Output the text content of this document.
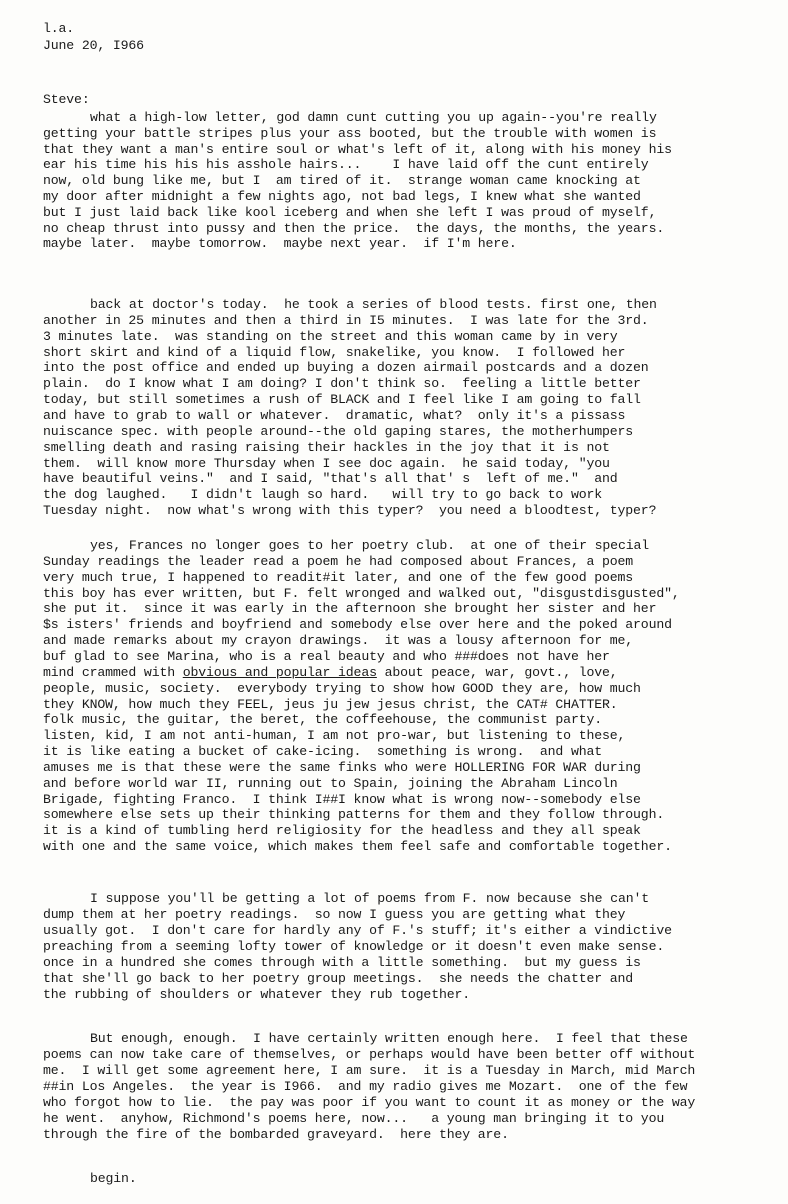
l.a.
June 20, I966
Steve:
what a high-low letter, god damn cunt cutting you up again--you're really
getting your battle stripes plus your ass booted, but the trouble with women is
that they want a man's entire soul or what's left of it, along with his money his
ear his time his his his asshole hairs...    I have laid off the cunt entirely
now, old bung like me, but I  am tired of it.  strange woman came knocking at
my door after midnight a few nights ago, not bad legs, I knew what she wanted
but I just laid back like kool iceberg and when she left I was proud of myself,
no cheap thrust into pussy and then the price.  the days, the months, the years.
maybe later.  maybe tomorrow.  maybe next year.  if I'm here.
back at doctor's today.  he took a series of blood tests. first one, then
another in 25 minutes and then a third in I5 minutes.  I was late for the 3rd.
3 minutes late.  was standing on the street and this woman came by in very
short skirt and kind of a liquid flow, snakelike, you know.  I followed her
into the post office and ended up buying a dozen airmail postcards and a dozen
plain.  do I know what I am doing? I don't think so.  feeling a little better
today, but still sometimes a rush of BLACK and I feel like I am going to fall
and have to grab to wall or whatever.  dramatic, what?  only it's a pissass
nuiscance spec. with people around--the old gaping stares, the motherhumpers
smelling death and rasing raising their hackles in the joy that it is not
them.  will know more Thursday when I see doc again.  he said today, "you
have beautiful veins."  and I said, "that's all that' s  left of me."  and
the dog laughed.   I didn't laugh so hard.   will try to go back to work
Tuesday night.  now what's wrong with this typer?  you need a bloodtest, typer?
yes, Frances no longer goes to her poetry club.  at one of their special
Sunday readings the leader read a poem he had composed about Frances, a poem
very much true, I happened to readit#it later, and one of the few good poems
this boy has ever written, but F. felt wronged and walked out, "disgustdisgusted",
she put it.  since it was early in the afternoon she brought her sister and her
$s isters' friends and boyfriend and somebody else over here and the poked around
and made remarks about my crayon drawings.  it was a lousy afternoon for me,
buf glad to see Marina, who is a real beauty and who ###does not have her
mind crammed with obvious and popular ideas about peace, war, govt., love,
people, music, society.  everybody trying to show how GOOD they are, how much
they KNOW, how much they FEEL, jeus ju jew jesus christ, the CAT# CHATTER.
folk music, the guitar, the beret, the coffeehouse, the communist party.
listen, kid, I am not anti-human, I am not pro-war, but listening to these,
it is like eating a bucket of cake-icing.  something is wrong.  and what
amuses me is that these were the same finks who were HOLLERING FOR WAR during
and before world war II, running out to Spain, joining the Abraham Lincoln
Brigade, fighting Franco.  I think I##I know what is wrong now--somebody else
somewhere else sets up their thinking patterns for them and they follow through.
it is a kind of tumbling herd religiosity for the headless and they all speak
with one and the same voice, which makes them feel safe and comfortable together.
I suppose you'll be getting a lot of poems from F. now because she can't
dump them at her poetry readings.  so now I guess you are getting what they
usually got.  I don't care for hardly any of F.'s stuff; it's either a vindictive
preaching from a seeming lofty tower of knowledge or it doesn't even make sense.
once in a hundred she comes through with a little something.  but my guess is
that she'll go back to her poetry group meetings.  she needs the chatter and
the rubbing of shoulders or whatever they rub together.
But enough, enough.  I have certainly written enough here.  I feel that these
poems can now take care of themselves, or perhaps would have been better off without
me.  I will get some agreement here, I am sure.  it is a Tuesday in March, mid March
##in Los Angeles.  the year is I966.  and my radio gives me Mozart.  one of the few
who forgot how to lie.  the pay was poor if you want to count it as money or the way
he went.  anyhow, Richmond's poems here, now...   a young man bringing it to you
through the fire of the bombarded graveyard.  here they are.
begin.
